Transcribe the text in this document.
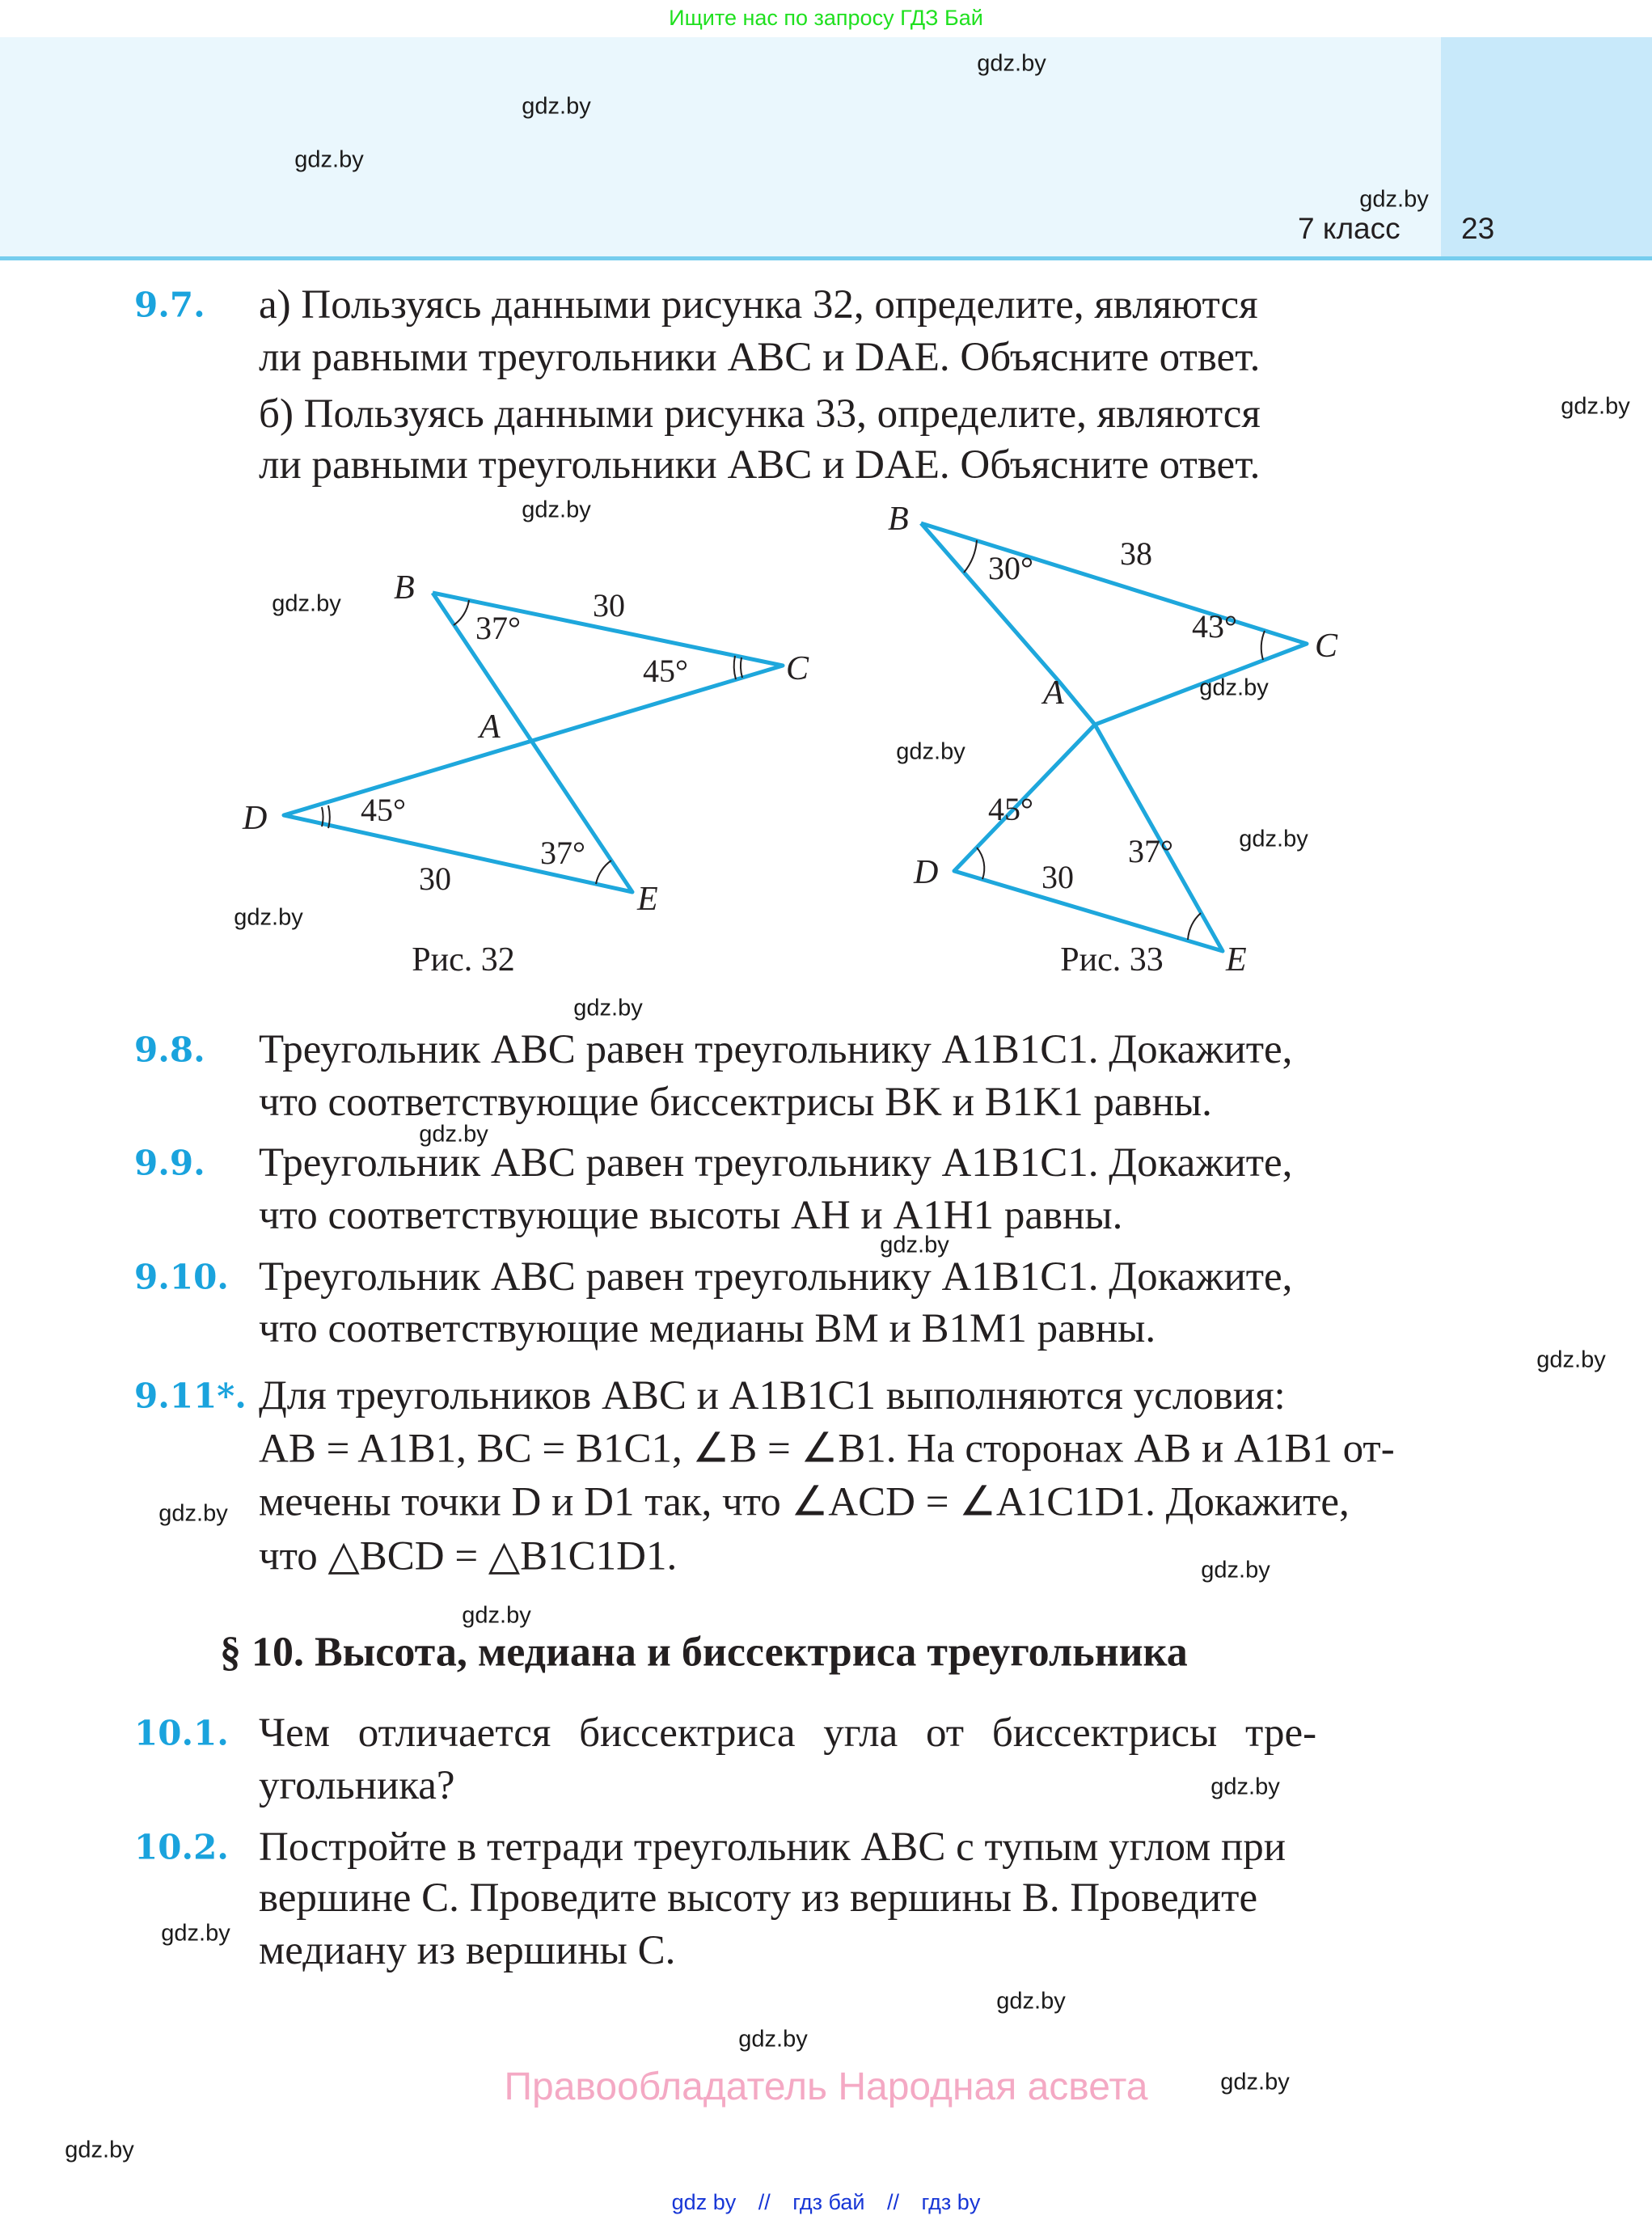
Ищите нас по запросу ГДЗ Бай
7 класс 23
9.7. а) Пользуясь данными рисунка 32, определите, являются
ли равными треугольники ABC и DAE. Объясните ответ.
б) Пользуясь данными рисунка 33, определите, являются
ли равными треугольники ABC и DAE. Объясните ответ.
B
C
A
D
E
30
30
37°
45°
45°
37°
B
C
A
D
E
38
30
30°
43°
45°
37°
Рис. 32	Рис. 33
9.8. Треугольник ABC равен треугольнику A1B1C1. Докажите,
что соответствующие биссектрисы BK и B1K1 равны.
9.9. Треугольник ABC равен треугольнику A1B1C1. Докажите,
что соответствующие высоты AH и A1H1 равны.
9.10. Треугольник ABC равен треугольнику A1B1C1. Докажите,
что соответствующие медианы BM и B1M1 равны.
9.11*. Для треугольников ABC и A1B1C1 выполняются условия:
AB = A1B1, BC = B1C1, ∠B = ∠B1. На сторонах AB и A1B1 от-
мечены точки D и D1 так, что ∠ACD = ∠A1C1D1. Докажите,
что △BCD = △B1C1D1.
§ 10. Высота, медиана и биссектриса треугольника
10.1. Чем отличается биссектриса угла от биссектрисы тре-
угольника?
10.2. Постройте в тетради треугольник ABC с тупым углом при
вершине C. Проведите высоту из вершины B. Проведите
медиану из вершины C.
Правообладатель Народная асвета
gdz by // гдз бай // гдз by
gdz.by
gdz.by
gdz.by
gdz.by
gdz.by
gdz.by
gdz.by
gdz.by
gdz.by
gdz.by
gdz.by
gdz.by
gdz.by
gdz.by
gdz.by
gdz.by
gdz.by
gdz.by
gdz.by
gdz.by
gdz.by
gdz.by
gdz.by
gdz.by
